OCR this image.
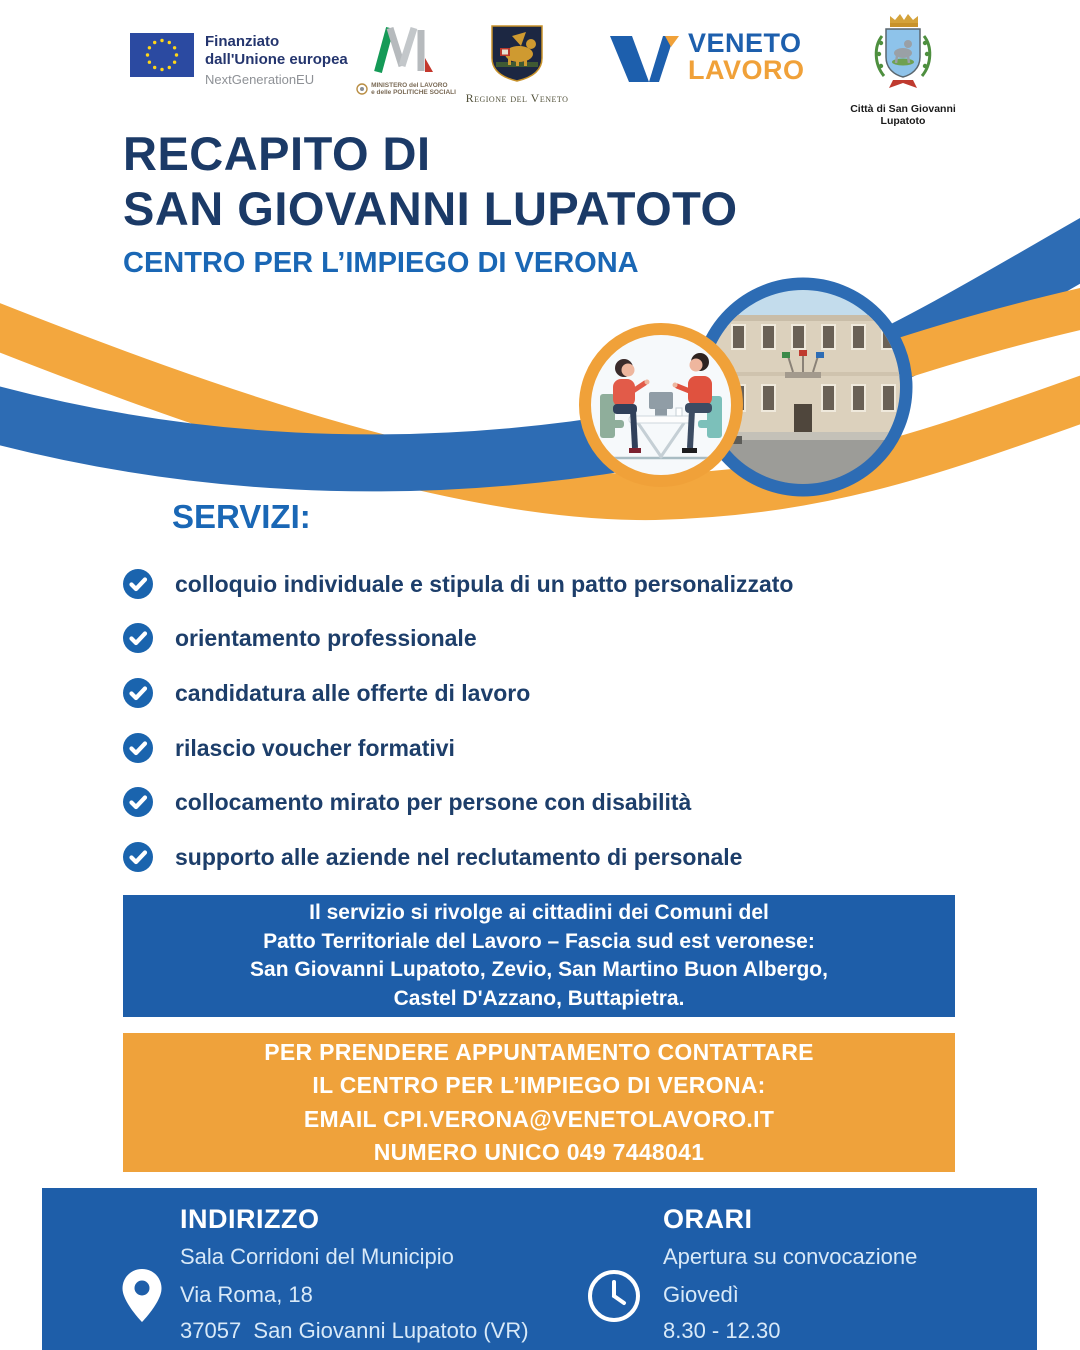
Finanziato
dall'Unione europea
NextGenerationEU	MINISTERO del LAVORO
e delle POLITICHE SOCIALI Regione del Veneto
VENETO
LAVORO
Città di San Giovanni Lupatoto
RECAPITO DI
SAN GIOVANNI LUPATOTO
CENTRO PER L’IMPIEGO DI VERONA
SERVIZI:
colloquio individuale e stipula di un patto personalizzato
orientamento professionale
candidatura alle offerte di lavoro
rilascio voucher formativi
collocamento mirato per persone con disabilità
supporto alle aziende nel reclutamento di personale
Il servizio si rivolge ai cittadini dei Comuni del
Patto Territoriale del Lavoro – Fascia sud est veronese:
San Giovanni Lupatoto, Zevio, San Martino Buon Albergo,
Castel D'Azzano, Buttapietra.
PER PRENDERE APPUNTAMENTO CONTATTARE
IL CENTRO PER L’IMPIEGO DI VERONA:
EMAIL CPI.VERONA@VENETOLAVORO.IT
NUMERO UNICO 049 7448041
INDIRIZZO
Sala Corridoni del Municipio
Via Roma, 18
37057  San Giovanni Lupatoto (VR)
ORARI
Apertura su convocazione
Giovedì
8.30 - 12.30
